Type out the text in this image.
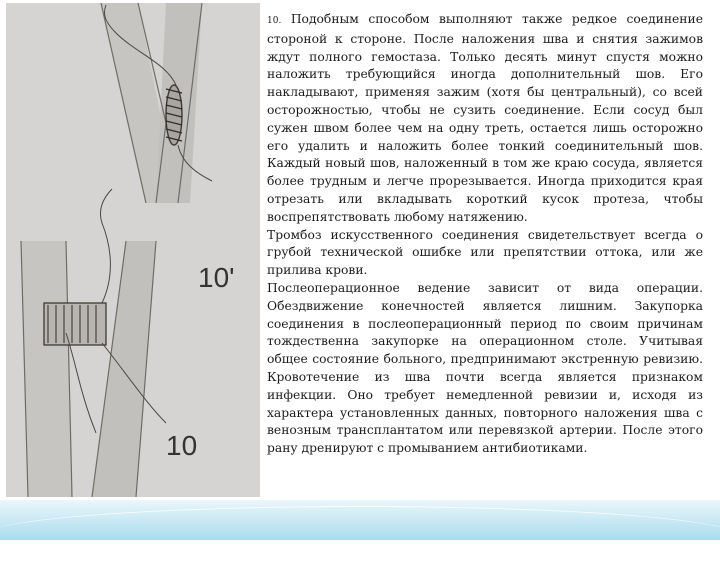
10'
10

10. Подобным способом выполняют также редкое соединение стороной к стороне. После наложения шва и снятия зажимов ждут полного гемостаза. Только десять минут спустя можно наложить требующийся иногда дополнительный шов. Его накладывают, применяя зажим (хотя бы центральный), со всей осторожностью, чтобы не сузить соединение. Если сосуд был сужен швом более чем на одну треть, остается лишь осторожно его удалить и наложить более тонкий соединительный шов. Каждый новый шов, наложенный в том же краю сосуда, является более трудным и легче прорезывается. Иногда приходится края отрезать или вкладывать короткий кусок протеза, чтобы воспрепятствовать любому натяжению.

Тромбоз искусственного соединения свидетельствует всегда о грубой технической ошибке или препятствии оттока, или же прилива крови.

Послеоперационное ведение зависит от вида операции. Обездвижение конечностей является лишним. Закупорка соединения в послеоперационный период по своим причинам тождественна закупорке на операционном столе. Учитывая общее состояние больного, предпринимают экстренную ревизию. Кровотечение из шва почти всегда является признаком инфекции. Оно требует немедленной ревизии и, исходя из характера установленных данных, повторного наложения шва с венозным трансплантатом или перевязкой артерии. После этого рану дренируют с промыванием антибиотиками.
